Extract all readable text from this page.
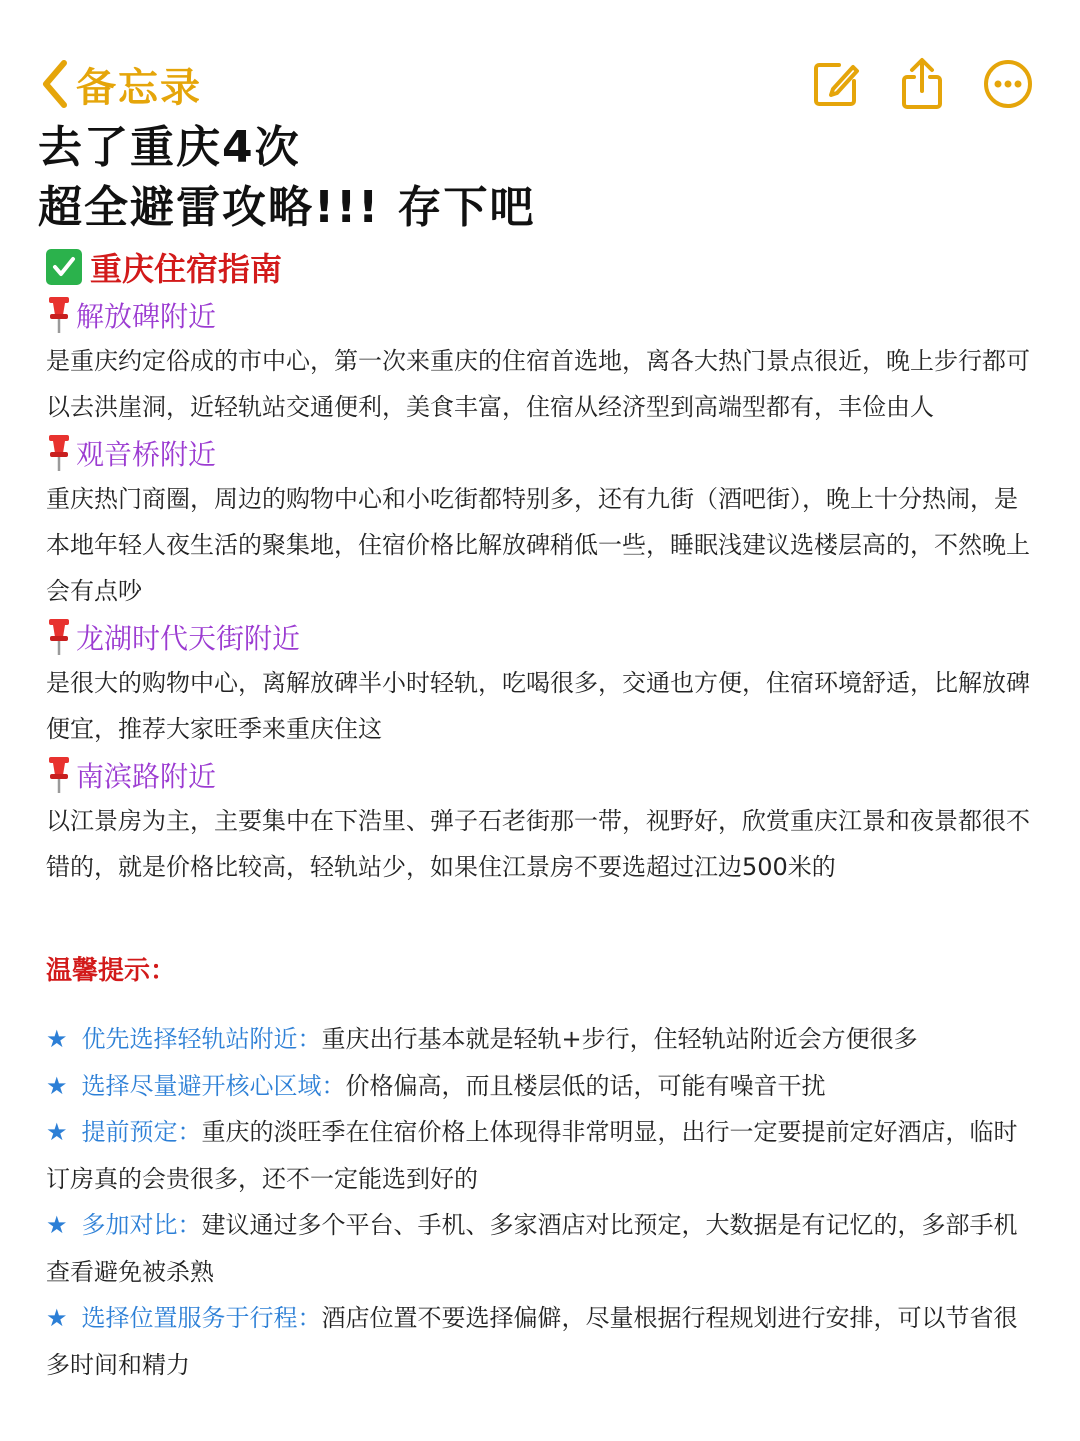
备忘录
去了重庆4次
超全避雷攻略!!! 存下吧
重庆住宿指南
解放碑附近

是重庆约定俗成的市中心，第一次来重庆的住宿首选地，离各大热门景点很近，晚上步行都可以去洪崖洞，近轻轨站交通便利，美食丰富，住宿从经济型到高端型都有，丰俭由人

观音桥附近

重庆热门商圈，周边的购物中心和小吃街都特别多，还有九街（酒吧街），晚上十分热闹，是本地年轻人夜生活的聚集地，住宿价格比解放碑稍低一些，睡眠浅建议选楼层高的，不然晚上会有点吵

龙湖时代天街附近

是很大的购物中心，离解放碑半小时轻轨，吃喝很多，交通也方便，住宿环境舒适，比解放碑便宜，推荐大家旺季来重庆住这

南滨路附近

以江景房为主，主要集中在下浩里、弹子石老街那一带，视野好，欣赏重庆江景和夜景都很不错的，就是价格比较高，轻轨站少，如果住江景房不要选超过江边500米的

温馨提示：

★ 优先选择轻轨站附近：重庆出行基本就是轻轨+步行，住轻轨站附近会方便很多

★ 选择尽量避开核心区域：价格偏高，而且楼层低的话，可能有噪音干扰

★ 提前预定：重庆的淡旺季在住宿价格上体现得非常明显，出行一定要提前定好酒店，临时订房真的会贵很多，还不一定能选到好的

★ 多加对比：建议通过多个平台、手机、多家酒店对比预定，大数据是有记忆的，多部手机查看避免被杀熟

★ 选择位置服务于行程：酒店位置不要选择偏僻，尽量根据行程规划进行安排，可以节省很多时间和精力
